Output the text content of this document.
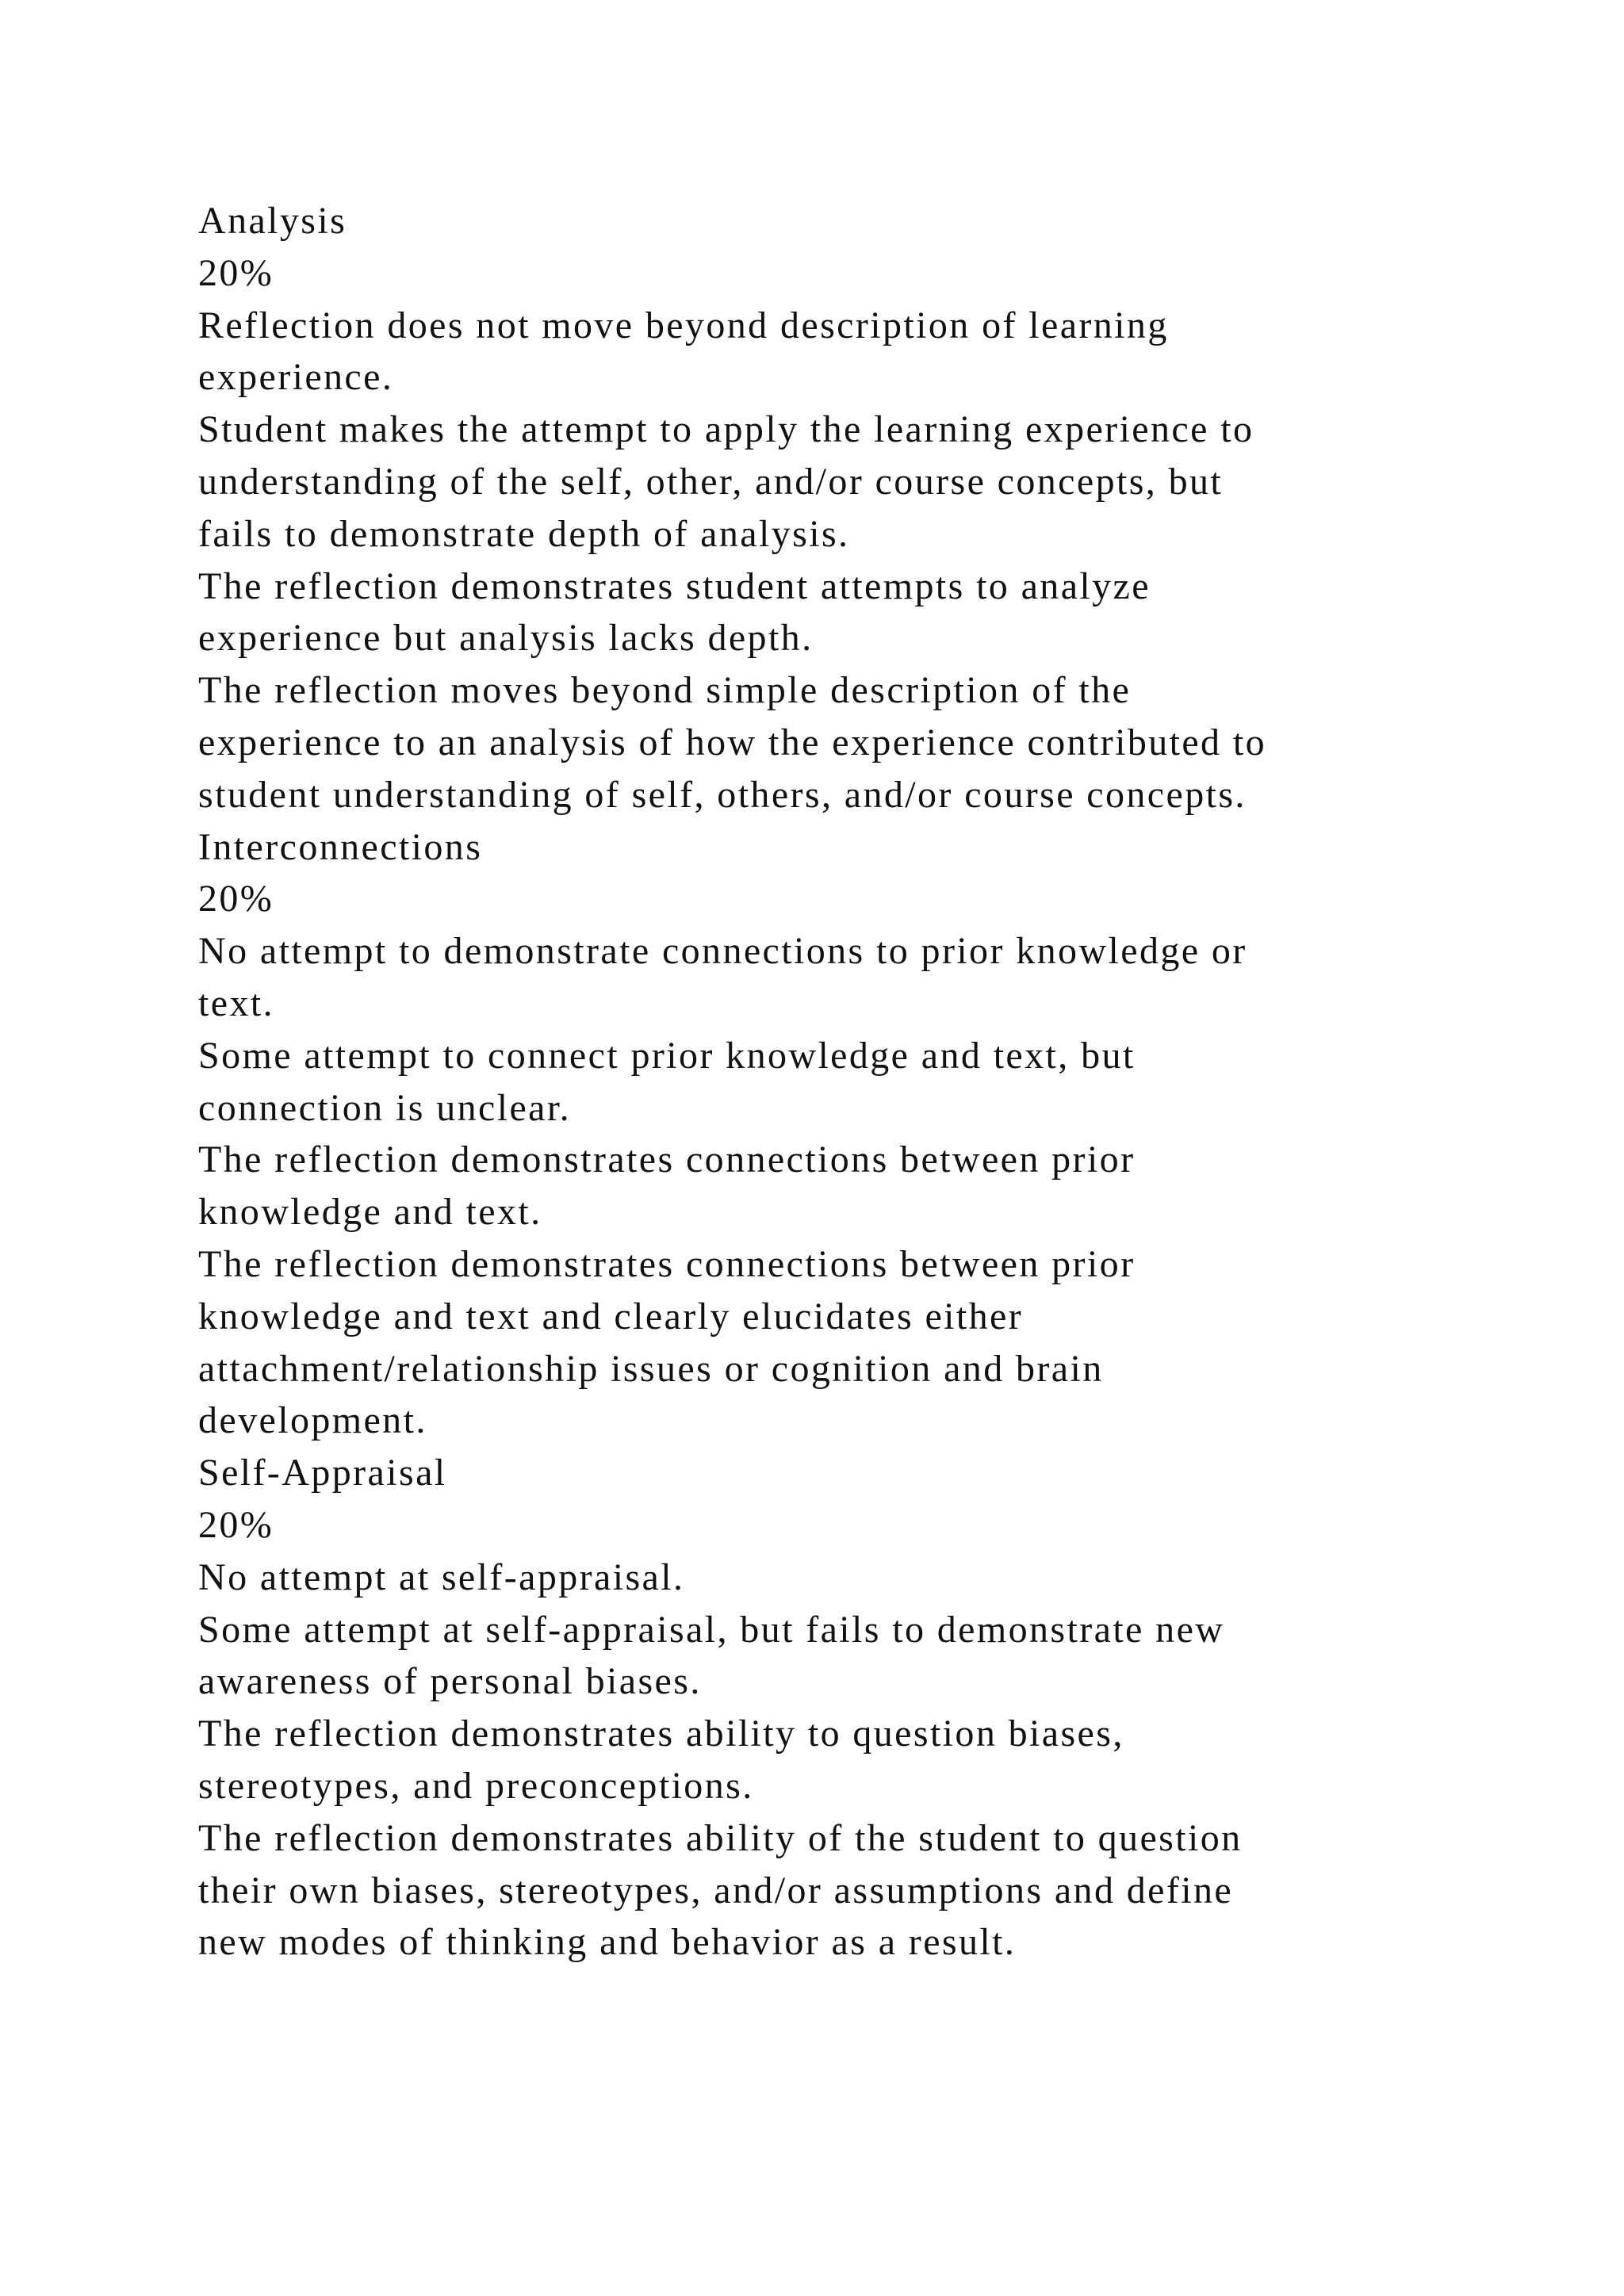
Analysis
20%
Reflection does not move beyond description of learning
experience.
Student makes the attempt to apply the learning experience to
understanding of the self, other, and/or course concepts, but
fails to demonstrate depth of analysis.
The reflection demonstrates student attempts to analyze
experience but analysis lacks depth.
The reflection moves beyond simple description of the
experience to an analysis of how the experience contributed to
student understanding of self, others, and/or course concepts.
Interconnections
20%
No attempt to demonstrate connections to prior knowledge or
text.
Some attempt to connect prior knowledge and text, but
connection is unclear.
The reflection demonstrates connections between prior
knowledge and text.
The reflection demonstrates connections between prior
knowledge and text and clearly elucidates either
attachment/relationship issues or cognition and brain
development.
Self-Appraisal
20%
No attempt at self-appraisal.
Some attempt at self-appraisal, but fails to demonstrate new
awareness of personal biases.
The reflection demonstrates ability to question biases,
stereotypes, and preconceptions.
The reflection demonstrates ability of the student to question
their own biases, stereotypes, and/or assumptions and define
new modes of thinking and behavior as a result.
